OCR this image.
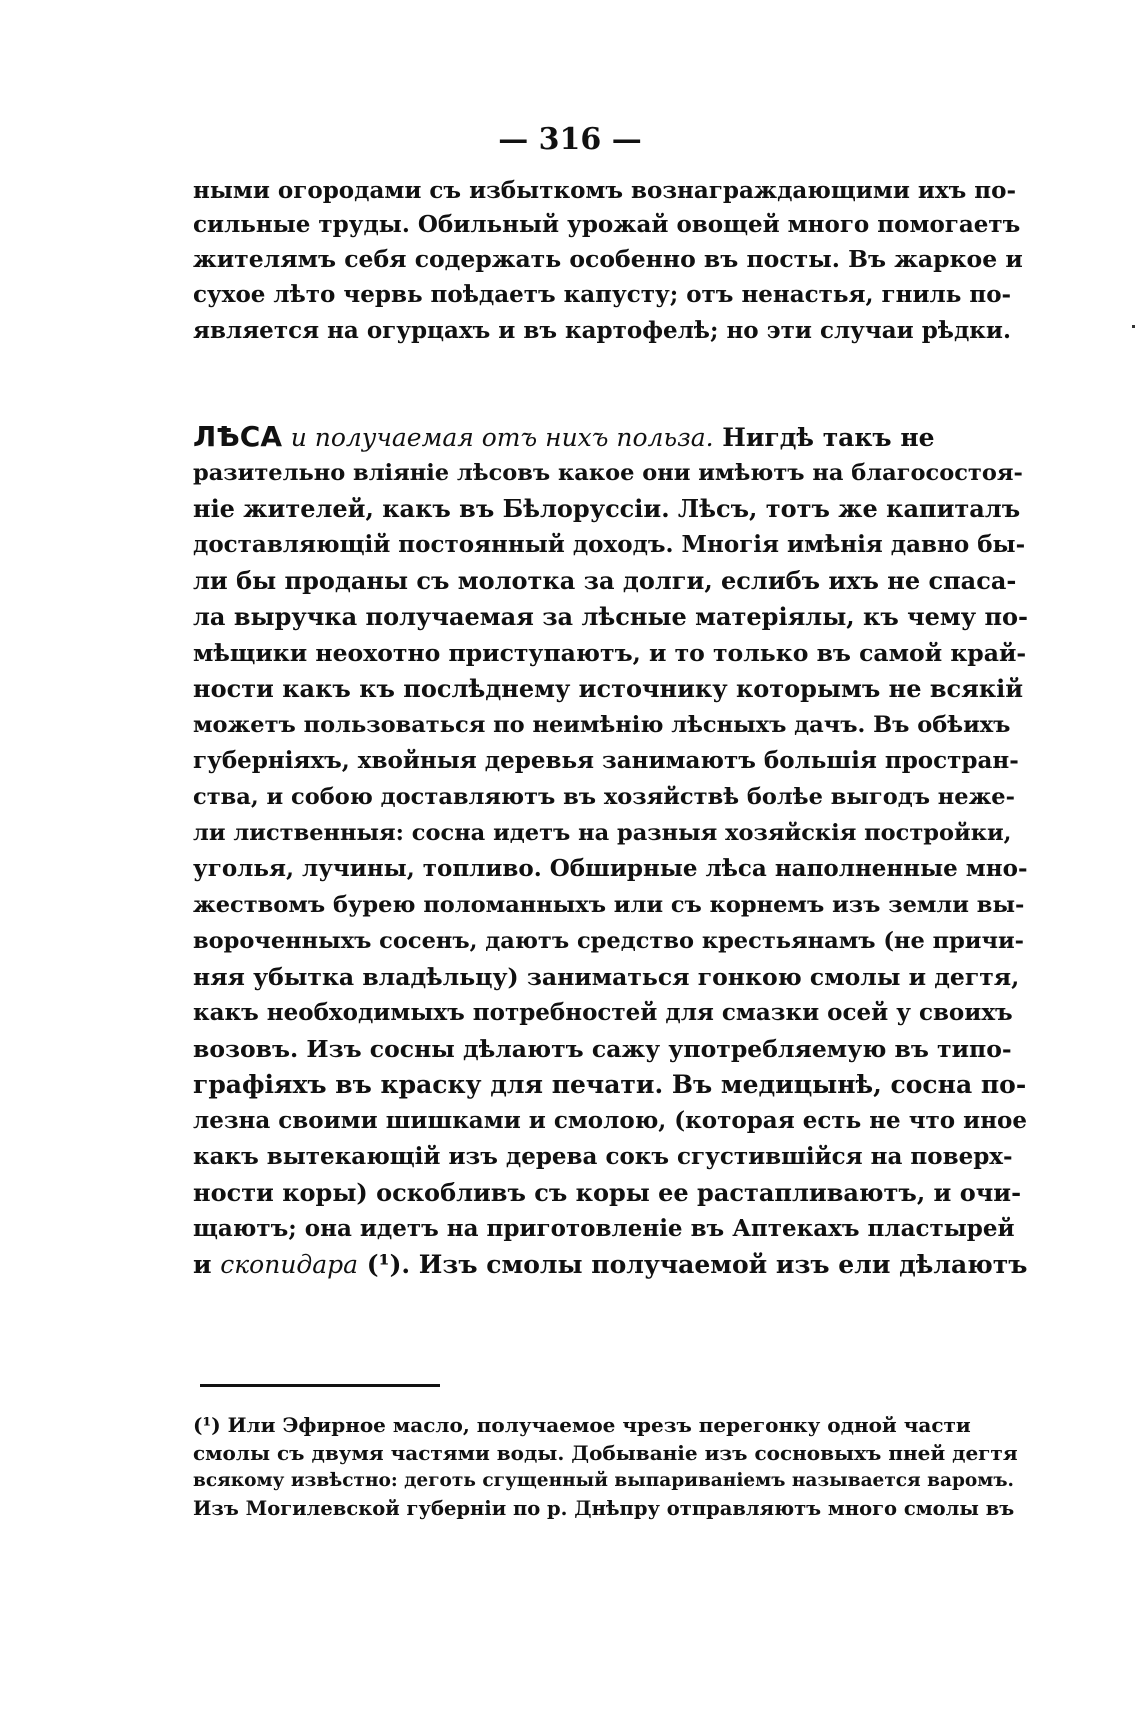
— 316 —
ными огородами съ избыткомъ вознаграждающими ихъ по-
сильные труды. Обильный урожай овощей много помогаетъ
жителямъ себя содержать особенно въ посты. Въ жаркое и
сухое лѣто червь поѣдаетъ капусту; отъ ненастья, гниль по-
является на огурцахъ и въ картофелѣ; но эти случаи рѣдки.
ЛѢСА и получаемая отъ нихъ польза. Нигдѣ такъ не
разительно вліяніе лѣсовъ какое они имѣютъ на благосостоя-
ніе жителей, какъ въ Бѣлоруссіи. Лѣсъ, тотъ же капиталъ
доставляющій постоянный доходъ. Многія имѣнія давно бы-
ли бы проданы съ молотка за долги, еслибъ ихъ не спаса-
ла выручка получаемая за лѣсные матеріялы, къ чему по-
мѣщики неохотно приступаютъ, и то только въ самой край-
ности какъ къ послѣднему источнику которымъ не всякій
можетъ пользоваться по неимѣнію лѣсныхъ дачъ. Въ обѣихъ
губерніяхъ, хвойныя деревья занимаютъ большія простран-
ства, и собою доставляютъ въ хозяйствѣ болѣе выгодъ неже-
ли лиственныя: сосна идетъ на разныя хозяйскія постройки,
уголья, лучины, топливо. Обширные лѣса наполненные мно-
жествомъ бурею поломанныхъ или съ корнемъ изъ земли вы-
вороченныхъ сосенъ, даютъ средство крестьянамъ (не причи-
няя убытка владѣльцу) заниматься гонкою смолы и дегтя,
какъ необходимыхъ потребностей для смазки осей у своихъ
возовъ. Изъ сосны дѣлаютъ сажу употребляемую въ типо-
графіяхъ въ краску для печати. Въ медицынѣ, сосна по-
лезна своими шишками и смолою, (которая есть не что иное
какъ вытекающій изъ дерева сокъ сгустившійся на поверх-
ности коры) оскобливъ съ коры ее растапливаютъ, и очи-
щаютъ; она идетъ на приготовленіе въ Аптекахъ пластырей
и скопидара (¹). Изъ смолы получаемой изъ ели дѣлаютъ
(¹) Или Эфирное масло, получаемое чрезъ перегонку одной части
смолы съ двумя частями воды. Добываніе изъ сосновыхъ пней дегтя
всякому извѣстно: деготь сгущенный выпариваніемъ называется варомъ.
Изъ Могилевской губерніи по р. Днѣпру отправляютъ много смолы въ
